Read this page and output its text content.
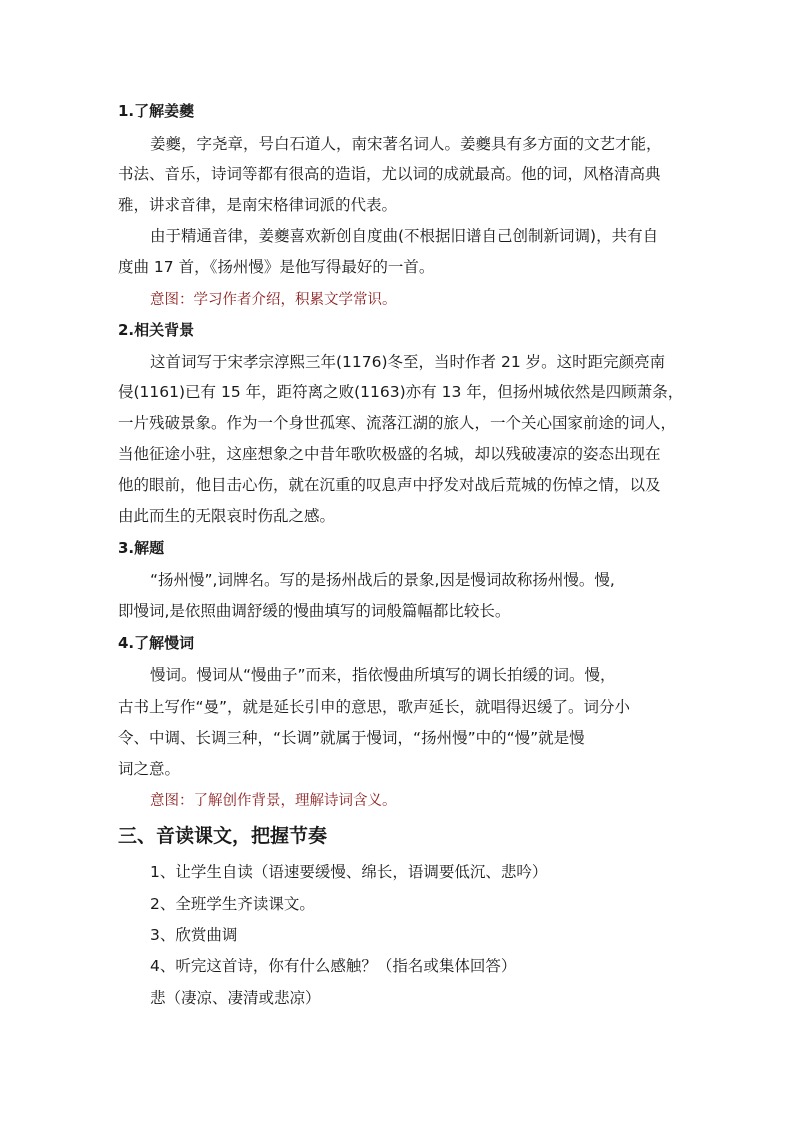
1.了解姜夔
姜夔，字尧章，号白石道人，南宋著名词人。姜夔具有多方面的文艺才能，
书法、音乐，诗词等都有很高的造诣，尤以词的成就最高。他的词，风格清高典
雅，讲求音律，是南宋格律词派的代表。
由于精通音律，姜夔喜欢新创自度曲(不根据旧谱自己创制新词调)，共有自
度曲 17 首，《扬州慢》是他写得最好的一首。
意图：学习作者介绍，积累文学常识。
2.相关背景
这首词写于宋孝宗淳熙三年(1176)冬至，当时作者 21 岁。这时距完颜亮南
侵(1161)已有 15 年，距符离之败(1163)亦有 13 年，但扬州城依然是四顾萧条，
一片残破景象。作为一个身世孤寒、流落江湖的旅人，一个关心国家前途的词人，
当他征途小驻，这座想象之中昔年歌吹极盛的名城，却以残破凄凉的姿态出现在
他的眼前，他目击心伤，就在沉重的叹息声中抒发对战后荒城的伤悼之情，以及
由此而生的无限哀时伤乱之感。
3.解题
“扬州慢”,词牌名。写的是扬州战后的景象,因是慢词故称扬州慢。慢,
即慢词,是依照曲调舒缓的慢曲填写的词般篇幅都比较长。
4.了解慢词
慢词。慢词从“慢曲子”而来，指依慢曲所填写的调长拍缓的词。慢，
古书上写作“曼”，就是延长引申的意思，歌声延长，就唱得迟缓了。词分小
令、中调、长调三种，“长调”就属于慢词，“扬州慢”中的“慢”就是慢
词之意。
意图：了解创作背景，理解诗词含义。
三、音读课文，把握节奏
1、让学生自读（语速要缓慢、绵长，语调要低沉、悲吟）
2、全班学生齐读课文。
3、欣赏曲调
4、听完这首诗，你有什么感触？（指名或集体回答）
悲（凄凉、凄清或悲凉）
